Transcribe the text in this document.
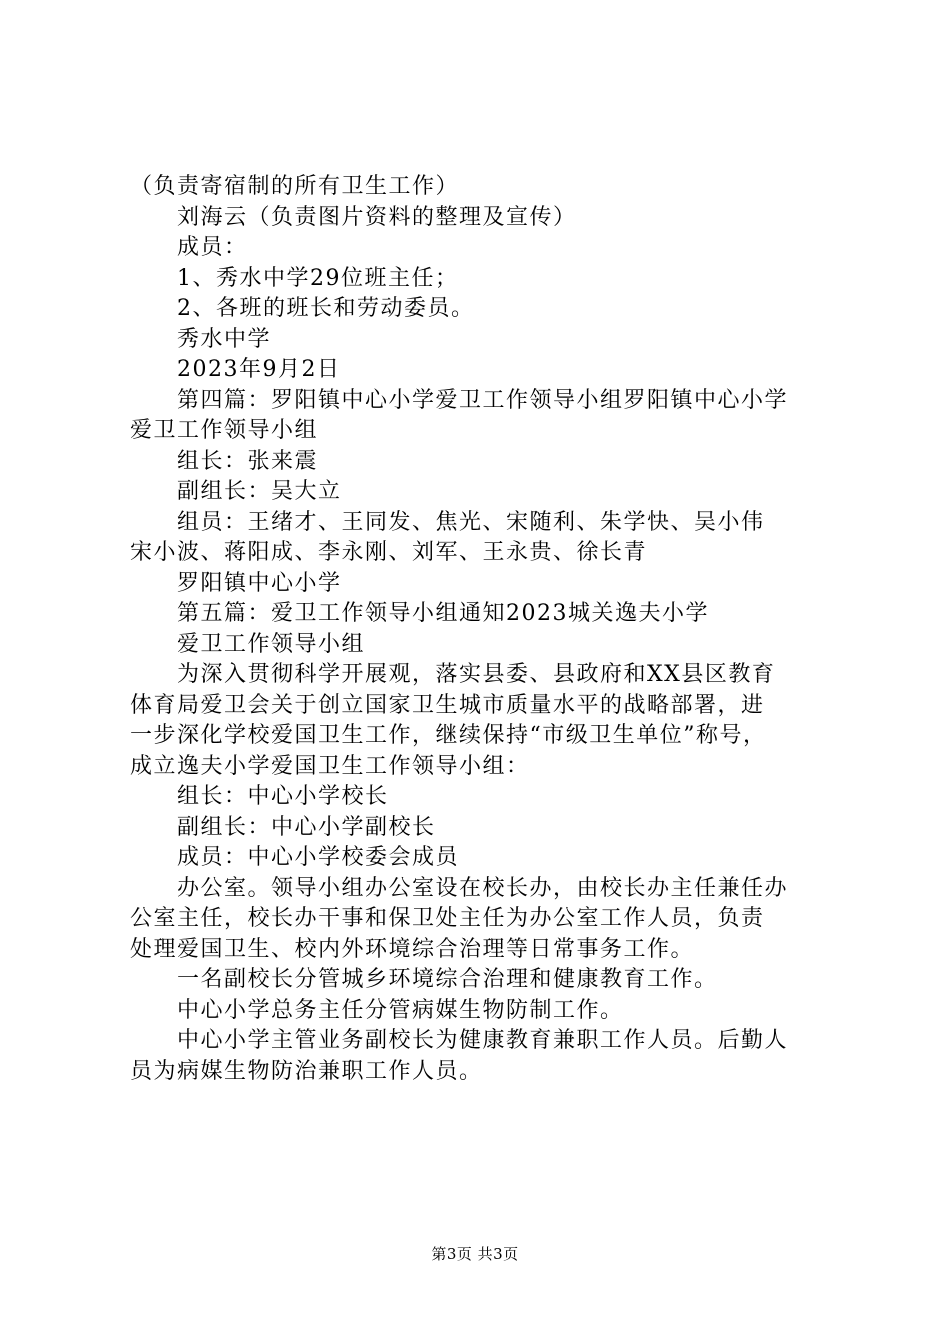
（负责寄宿制的所有卫生工作）
刘海云（负责图片资料的整理及宣传）
成员：
1、秀水中学29位班主任；
2、各班的班长和劳动委员。
秀水中学
2023年9月2日
第四篇：罗阳镇中心小学爱卫工作领导小组罗阳镇中心小学
爱卫工作领导小组
组长：张来震
副组长：吴大立
组员：王绪才、王同发、焦光、宋随利、朱学快、吴小伟
宋小波、蒋阳成、李永刚、刘军、王永贵、徐长青
罗阳镇中心小学
第五篇：爱卫工作领导小组通知2023城关逸夫小学
爱卫工作领导小组
为深入贯彻科学开展观，落实县委、县政府和XX县区教育
体育局爱卫会关于创立国家卫生城市质量水平的战略部署，进
一步深化学校爱国卫生工作，继续保持“市级卫生单位”称号，
成立逸夫小学爱国卫生工作领导小组：
组长：中心小学校长
副组长：中心小学副校长
成员：中心小学校委会成员
办公室。领导小组办公室设在校长办，由校长办主任兼任办
公室主任，校长办干事和保卫处主任为办公室工作人员，负责
处理爱国卫生、校内外环境综合治理等日常事务工作。
一名副校长分管城乡环境综合治理和健康教育工作。
中心小学总务主任分管病媒生物防制工作。
中心小学主管业务副校长为健康教育兼职工作人员。后勤人
员为病媒生物防治兼职工作人员。
第3页 共3页
